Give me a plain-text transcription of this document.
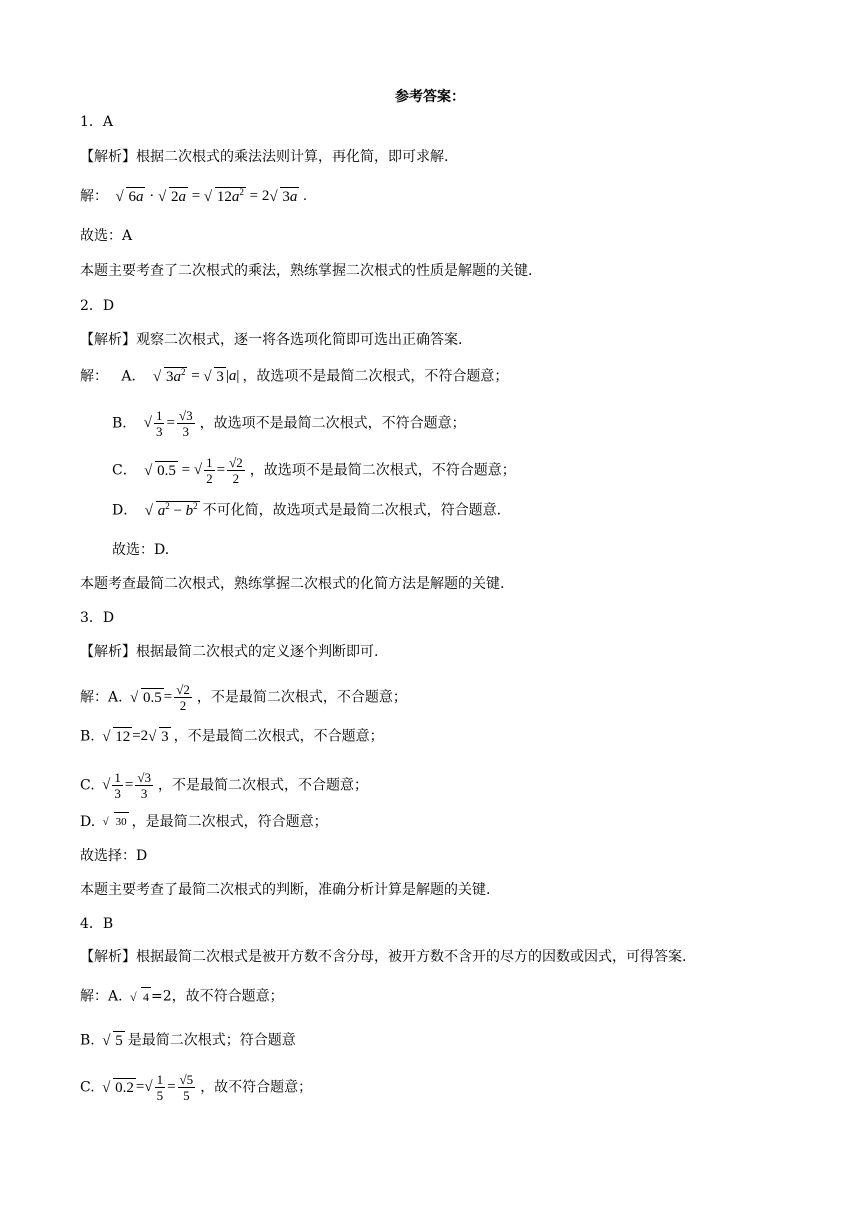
参考答案：
1．A
【解析】根据二次根式的乘法法则计算，再化简，即可求解.
解： √ 6a · √ 2a = √ $12a^2 = 2$ √ 3a .
故选：A
本题主要考查了二次根式的乘法，熟练掌握二次根式的性质是解题的关键.
2．D
【解析】观察二次根式，逐一将各选项化简即可选出正确答案.
解： A． √ $3a^2$ = √ 3 |a|，故选项不是最简二次根式，不符合题意；
B． √ $\frac{1}{3} = \frac{√3}{3}$ ，故选项不是最简二次根式，不符合题意；
C． √ 0.5 = √ $\frac{1}{2} = \frac{√2}{2}$ ，故选项不是最简二次根式，不符合题意；
D． √ $a^2 - b^2$ 不可化简，故选项式是最简二次根式，符合题意.
故选：D.
本题考查最简二次根式，熟练掌握二次根式的化简方法是解题的关键.
3．D
【解析】根据最简二次根式的定义逐个判断即可.
解：A. √ $0.5 = \frac{√2}{2}$ ，不是最简二次根式，不合题意；
B. √ 12 =2 √ 3 ，不是最简二次根式，不合题意；
C. √ $\frac{1}{3} = \frac{√3}{3}$ ，不是最简二次根式，不合题意；
D. √ 30 ，是最简二次根式，符合题意；
故选择：D
本题主要考查了最简二次根式的判断，准确分析计算是解题的关键.
4．B
【解析】根据最简二次根式是被开方数不含分母，被开方数不含开的尽方的因数或因式，可得答案.
解：A. √ 4 =2，故不符合题意；
B. √ 5 是最简二次根式；符合题意
C. √ 0.2 =√ $\frac{1}{5} = \frac{√5}{5}$ ，故不符合题意；
